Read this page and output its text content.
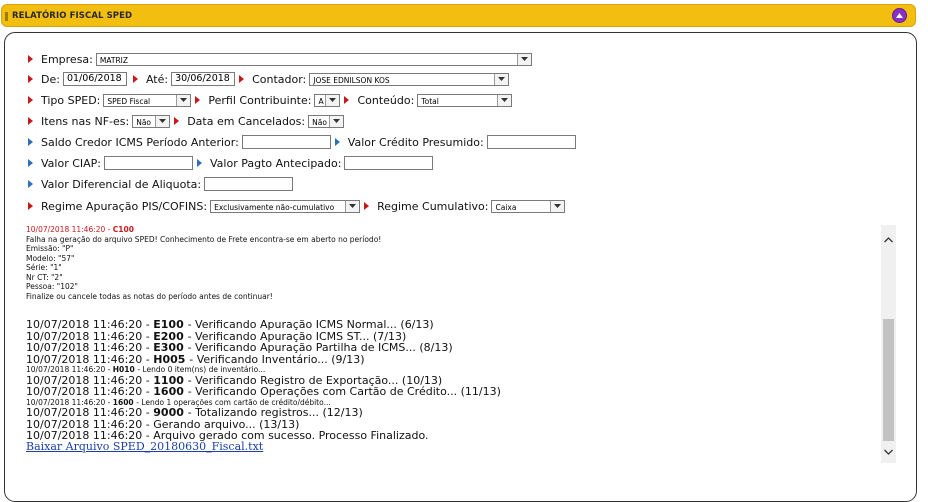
RELATÓRIO FISCAL SPED
Empresa: MATRIZ
De: 01/06/2018	Até: 30/06/2018	Contador: JOSE EDNILSON KOS
Tipo SPED: SPED Fiscal	Perfil Contribuinte: A	Conteúdo: Total
Itens nas NF-es: Não	Data em Cancelados: Não
Saldo Credor ICMS Período Anterior:	Valor Crédito Presumido:
Valor CIAP:	Valor Pagto Antecipado:
Valor Diferencial de Aliquota:
Regime Apuração PIS/COFINS: Exclusivamente não-cumulativo	Regime Cumulativo: Caixa
10/07/2018 11:46:20 - C100
Falha na geração do arquivo SPED! Conhecimento de Frete encontra-se em aberto no período!
Emissão: "P"
Modelo: "57"
Série: "1"
Nr CT: "2"
Pessoa: "102"
Finalize ou cancele todas as notas do período antes de continuar!
10/07/2018 11:46:20 - E100 - Verificando Apuração ICMS Normal... (6/13)
10/07/2018 11:46:20 - E200 - Verificando Apuração ICMS ST... (7/13)
10/07/2018 11:46:20 - E300 - Verificando Apuração Partilha de ICMS... (8/13)
10/07/2018 11:46:20 - H005 - Verificando Inventário... (9/13)
10/07/2018 11:46:20 - H010 - Lendo 0 item(ns) de inventário...
10/07/2018 11:46:20 - 1100 - Verificando Registro de Exportação... (10/13)
10/07/2018 11:46:20 - 1600 - Verificando Operações com Cartão de Crédito... (11/13)
10/07/2018 11:46:20 - 1600 - Lendo 1 operações com cartão de crédito/débito...
10/07/2018 11:46:20 - 9000 - Totalizando registros... (12/13)
10/07/2018 11:46:20 - Gerando arquivo... (13/13)
10/07/2018 11:46:20 - Arquivo gerado com sucesso. Processo Finalizado.
Baixar Arquivo SPED_20180630_Fiscal.txt
